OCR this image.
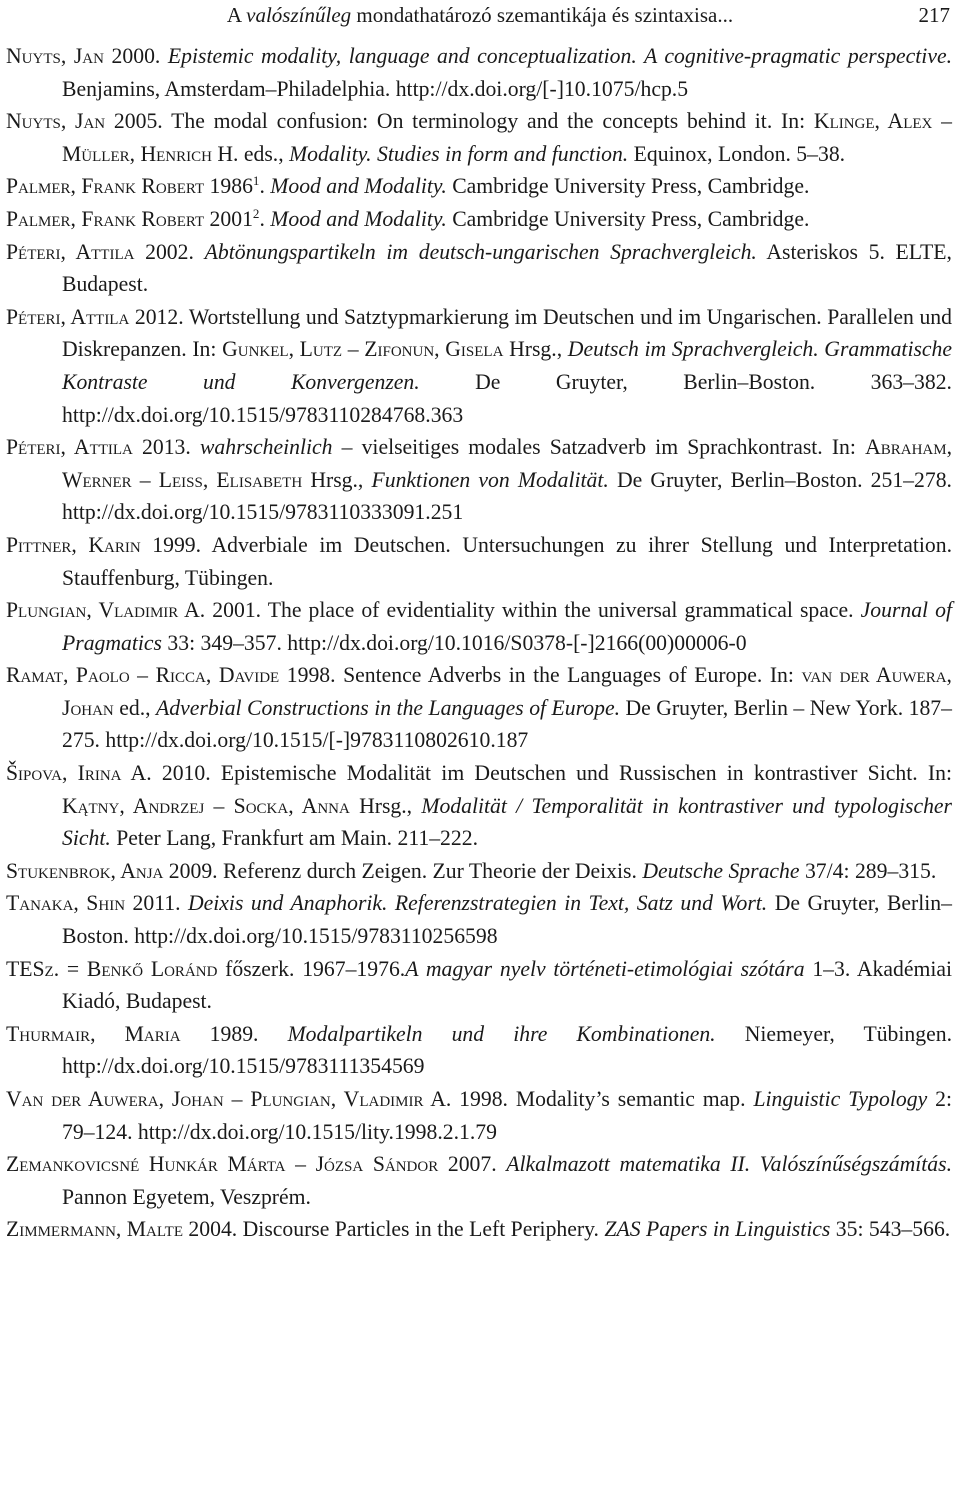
A valószínűleg mondathatározó szemantikája és szintaxisa...	217
Nuyts, Jan 2000. Epistemic modality, language and conceptualization. A cognitive-pragmatic perspective. Benjamins, Amsterdam–Philadelphia. http://dx.doi.org/[-]10.1075/hcp.5
Nuyts, Jan 2005. The modal confusion: On terminology and the concepts behind it. In: Klinge, Alex – Müller, Henrich H. eds., Modality. Studies in form and function. Equinox, London. 5–38.
Palmer, Frank Robert 1986$^1$. Mood and Modality. Cambridge University Press, Cambridge.
Palmer, Frank Robert 2001$^2$. Mood and Modality. Cambridge University Press, Cambridge.
Péteri, Attila 2002. Abtönungspartikeln im deutsch-ungarischen Sprachvergleich. Asteriskos 5. ELTE, Budapest.
Péteri, Attila 2012. Wortstellung und Satztypmarkierung im Deutschen und im Ungarischen. Parallelen und Diskrepanzen. In: Gunkel, Lutz – Zifonun, Gisela Hrsg., Deutsch im Sprachvergleich. Grammatische Kontraste und Konvergenzen. De Gruyter, Berlin–Boston. 363–382. http://dx.doi.org/10.1515/9783110284768.363
Péteri, Attila 2013. wahrscheinlich – vielseitiges modales Satzadverb im Sprachkontrast. In: Abraham, Werner – Leiss, Elisabeth Hrsg., Funktionen von Modalität. De Gruyter, Berlin–Boston. 251–278. http://dx.doi.org/10.1515/9783110333091.251
Pittner, Karin 1999. Adverbiale im Deutschen. Untersuchungen zu ihrer Stellung und Interpretation. Stauffenburg, Tübingen.
Plungian, Vladimir A. 2001. The place of evidentiality within the universal grammatical space. Journal of Pragmatics 33: 349–357. http://dx.doi.org/10.1016/S0378-[-]2166(00)00006-0
Ramat, Paolo – Ricca, Davide 1998. Sentence Adverbs in the Languages of Europe. In: van der Auwera, Johan ed., Adverbial Constructions in the Languages of Europe. De Gruyter, Berlin – New York. 187–275. http://dx.doi.org/10.1515/[-]9783110802610.187
Šipova, Irina A. 2010. Epistemische Modalität im Deutschen und Russischen in kontrastiver Sicht. In: Kątny, Andrzej – Socka, Anna Hrsg., Modalität / Temporalität in kontrastiver und typologischer Sicht. Peter Lang, Frankfurt am Main. 211–222.
Stukenbrok, Anja 2009. Referenz durch Zeigen. Zur Theorie der Deixis. Deutsche Sprache 37/4: 289–315.
Tanaka, Shin 2011. Deixis und Anaphorik. Referenzstrategien in Text, Satz und Wort. De Gruyter, Berlin–Boston. http://dx.doi.org/10.1515/9783110256598
TESz. = Benkő Loránd főszerk. 1967–1976.A magyar nyelv történeti-etimológiai szótára 1–3. Akadémiai Kiadó, Budapest.
Thurmair, Maria 1989. Modalpartikeln und ihre Kombinationen. Niemeyer, Tübingen. http://dx.doi.org/10.1515/9783111354569
Van der Auwera, Johan – Plungian, Vladimir A. 1998. Modality’s semantic map. Linguistic Typology 2: 79–124. http://dx.doi.org/10.1515/lity.1998.2.1.79
Zemankovicsné Hunkár Márta – Józsa Sándor 2007. Alkalmazott matematika II. Valószínűségszámítás. Pannon Egyetem, Veszprém.
Zimmermann, Malte 2004. Discourse Particles in the Left Periphery. ZAS Papers in Linguistics 35: 543–566.
